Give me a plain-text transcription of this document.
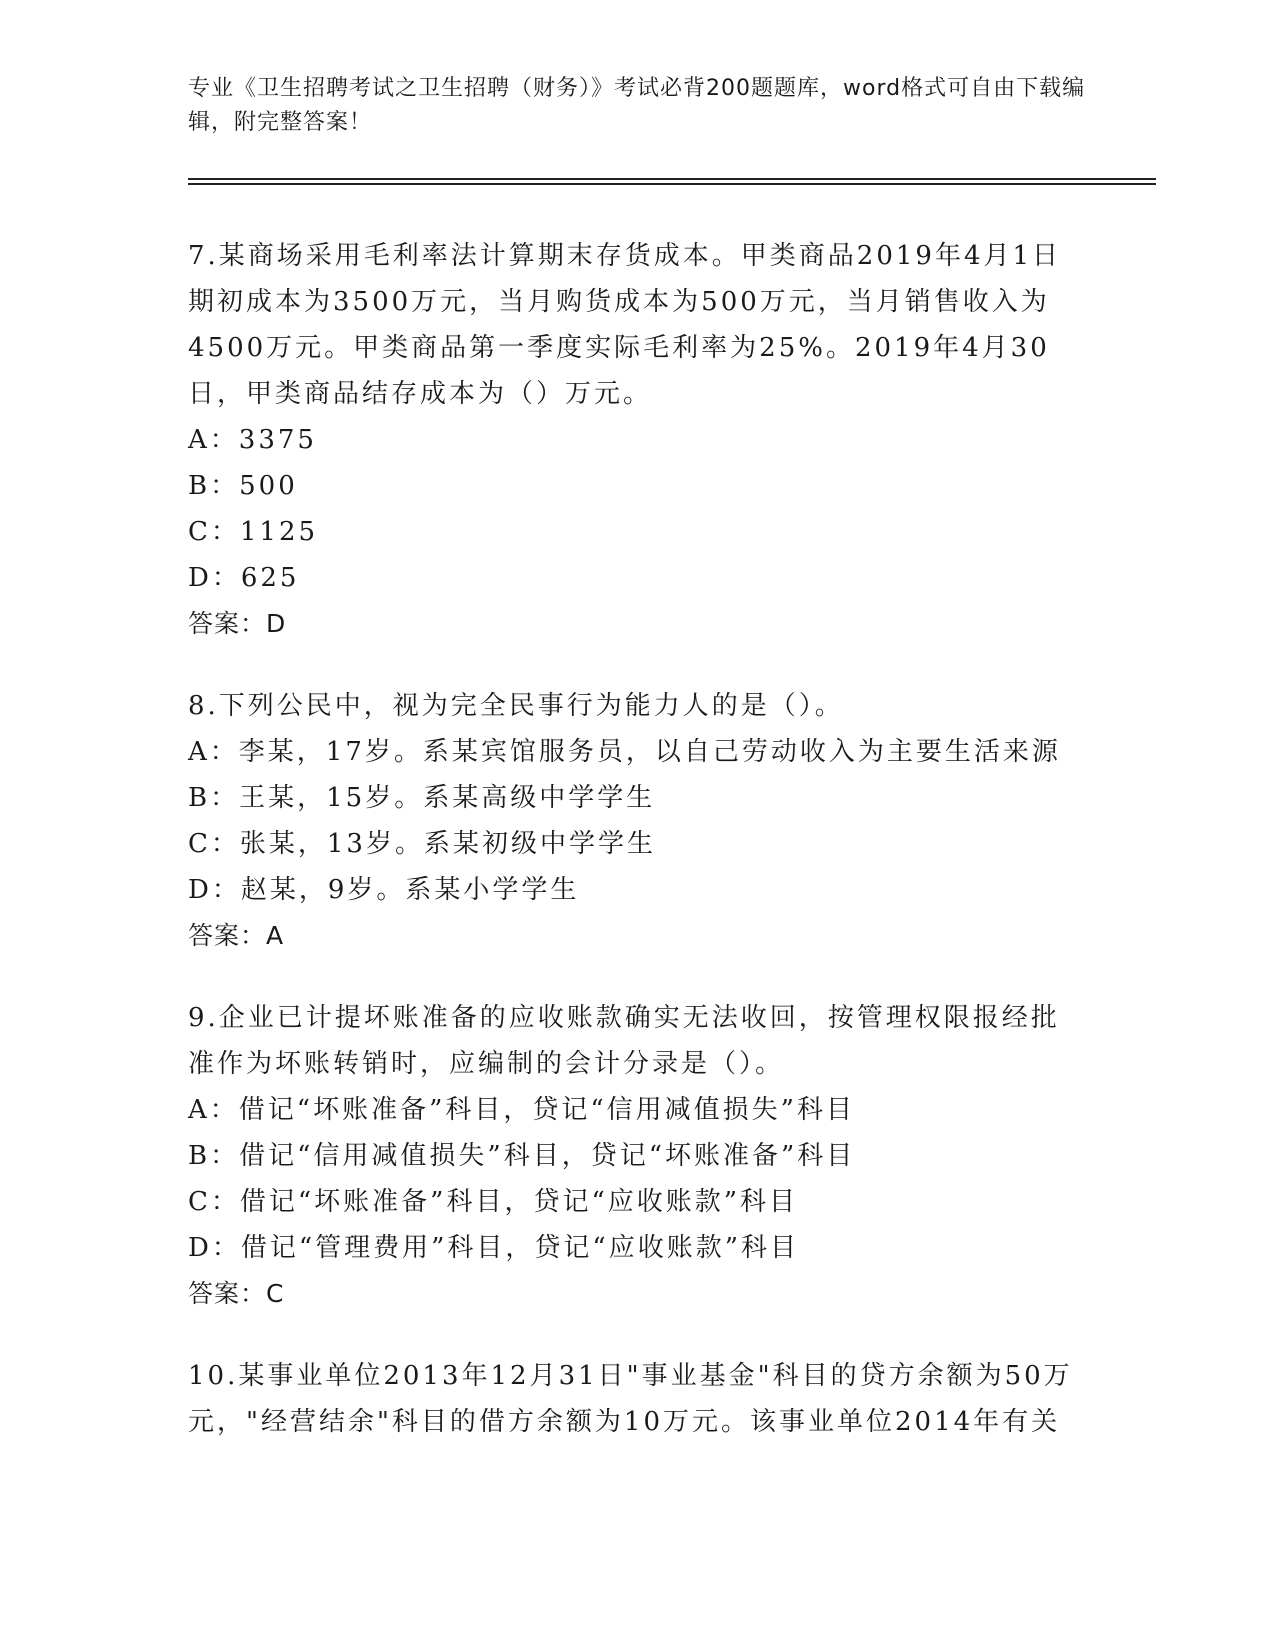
专业《卫生招聘考试之卫生招聘（财务）》考试必背200题题库，word格式可自由下载编辑，附完整答案！

7.某商场采用毛利率法计算期末存货成本。甲类商品2019年4月1日期初成本为3500万元，当月购货成本为500万元，当月销售收入为4500万元。甲类商品第一季度实际毛利率为25%。2019年4月30日，甲类商品结存成本为（）万元。

A：3375

B：500

C：1125

D：625

答案：D

8.下列公民中，视为完全民事行为能力人的是（）。

A：李某，17岁。系某宾馆服务员，以自己劳动收入为主要生活来源

B：王某，15岁。系某高级中学学生

C：张某，13岁。系某初级中学学生

D：赵某，9岁。系某小学学生

答案：A

9.企业已计提坏账准备的应收账款确实无法收回，按管理权限报经批准作为坏账转销时，应编制的会计分录是（）。

A：借记“坏账准备”科目，贷记“信用减值损失”科目

B：借记“信用减值损失”科目，贷记“坏账准备”科目

C：借记“坏账准备”科目，贷记“应收账款”科目

D：借记“管理费用”科目，贷记“应收账款”科目

答案：C

10.某事业单位2013年12月31日"事业基金"科目的贷方余额为50万元，"经营结余"科目的借方余额为10万元。该事业单位2014年有关
